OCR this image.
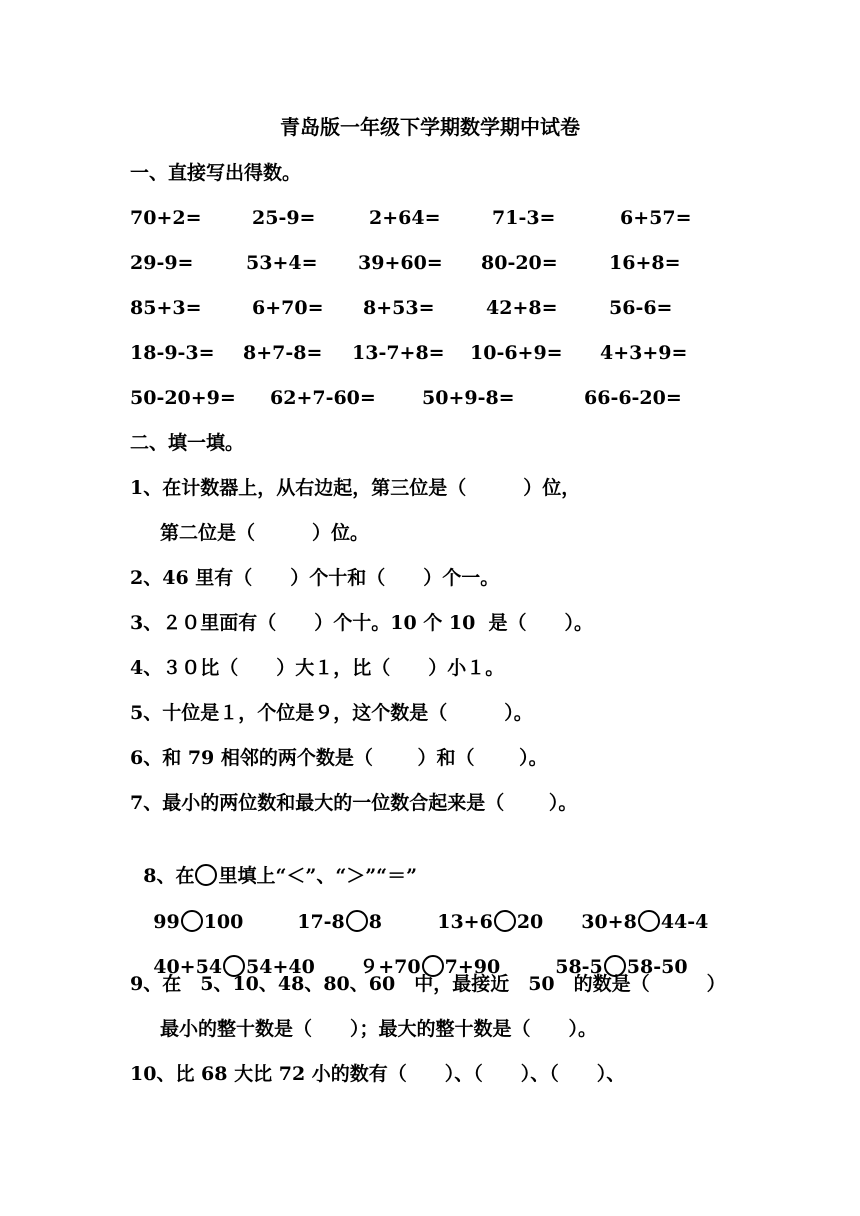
青岛版一年级下学期数学期中试卷
一、直接写出得数。
70+2=	25-9=	2+64=	71-3=	6+57=
29-9=	53+4= 39+60= 80-20=	16+8=
85+3=	6+70= 8+53=	42+8=	56-6=
18-9-3= 8+7-8= 13-7+8= 10-6+9= 4+3+9=
50-20+9= 62+7-60= 50+9-8=	66-6-20=
二、填一填。
1、在计数器上，从右边起，第三位是（　　　）位，
第二位是（　　　）位。
2、46 里有（　　）个十和（　　）个一。
3、２０里面有（　　）个十。10 个 10  是（　　）。
4、３０比（　　）大１，比（　　）小１。
5、十位是１，个位是９，这个数是（　　　）。
6、和 79 相邻的两个数是（　　 ）和（　　 ）。
7、最小的两位数和最大的一位数合起来是（　　 ）。

8、在 里填上“＜”、“＞”“＝”

99 100	17-8 8	13+6 20	30+8 44-4

40+54 54+40	９+70 7+90	58-5 58-50

9、在　5、10、48、80、60　中，最接近　50　的数是（　　　）
最小的整十数是（　　）；最大的整十数是（　　）。
10、比 68 大比 72 小的数有（　　）、（　　）、（　　）、
